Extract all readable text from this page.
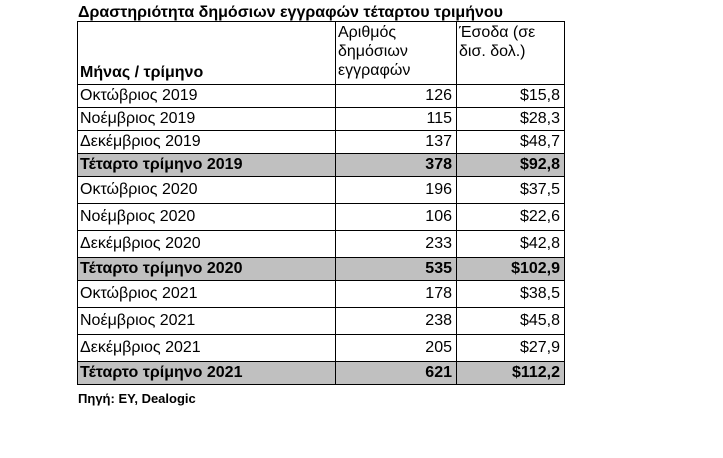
Δραστηριότητα δημόσιων εγγραφών τέταρτου τριμήνου
Μήνας / τρίμηνο	Αριθμός δημόσιων εγγραφών	Έσοδα (σε δισ. δολ.)
Οκτώβριος 2019	126	$15,8
Νοέμβριος 2019	115	$28,3
Δεκέμβριος 2019	137	$48,7
Τέταρτο τρίμηνο 2019	378	$92,8
Οκτώβριος 2020	196	$37,5
Νοέμβριος 2020	106	$22,6
Δεκέμβριος 2020	233	$42,8
Τέταρτο τρίμηνο 2020	535	$102,9
Οκτώβριος 2021	178	$38,5
Νοέμβριος 2021	238	$45,8
Δεκέμβριος 2021	205	$27,9
Τέταρτο τρίμηνο 2021	621	$112,2
Πηγή: EY, Dealogic
